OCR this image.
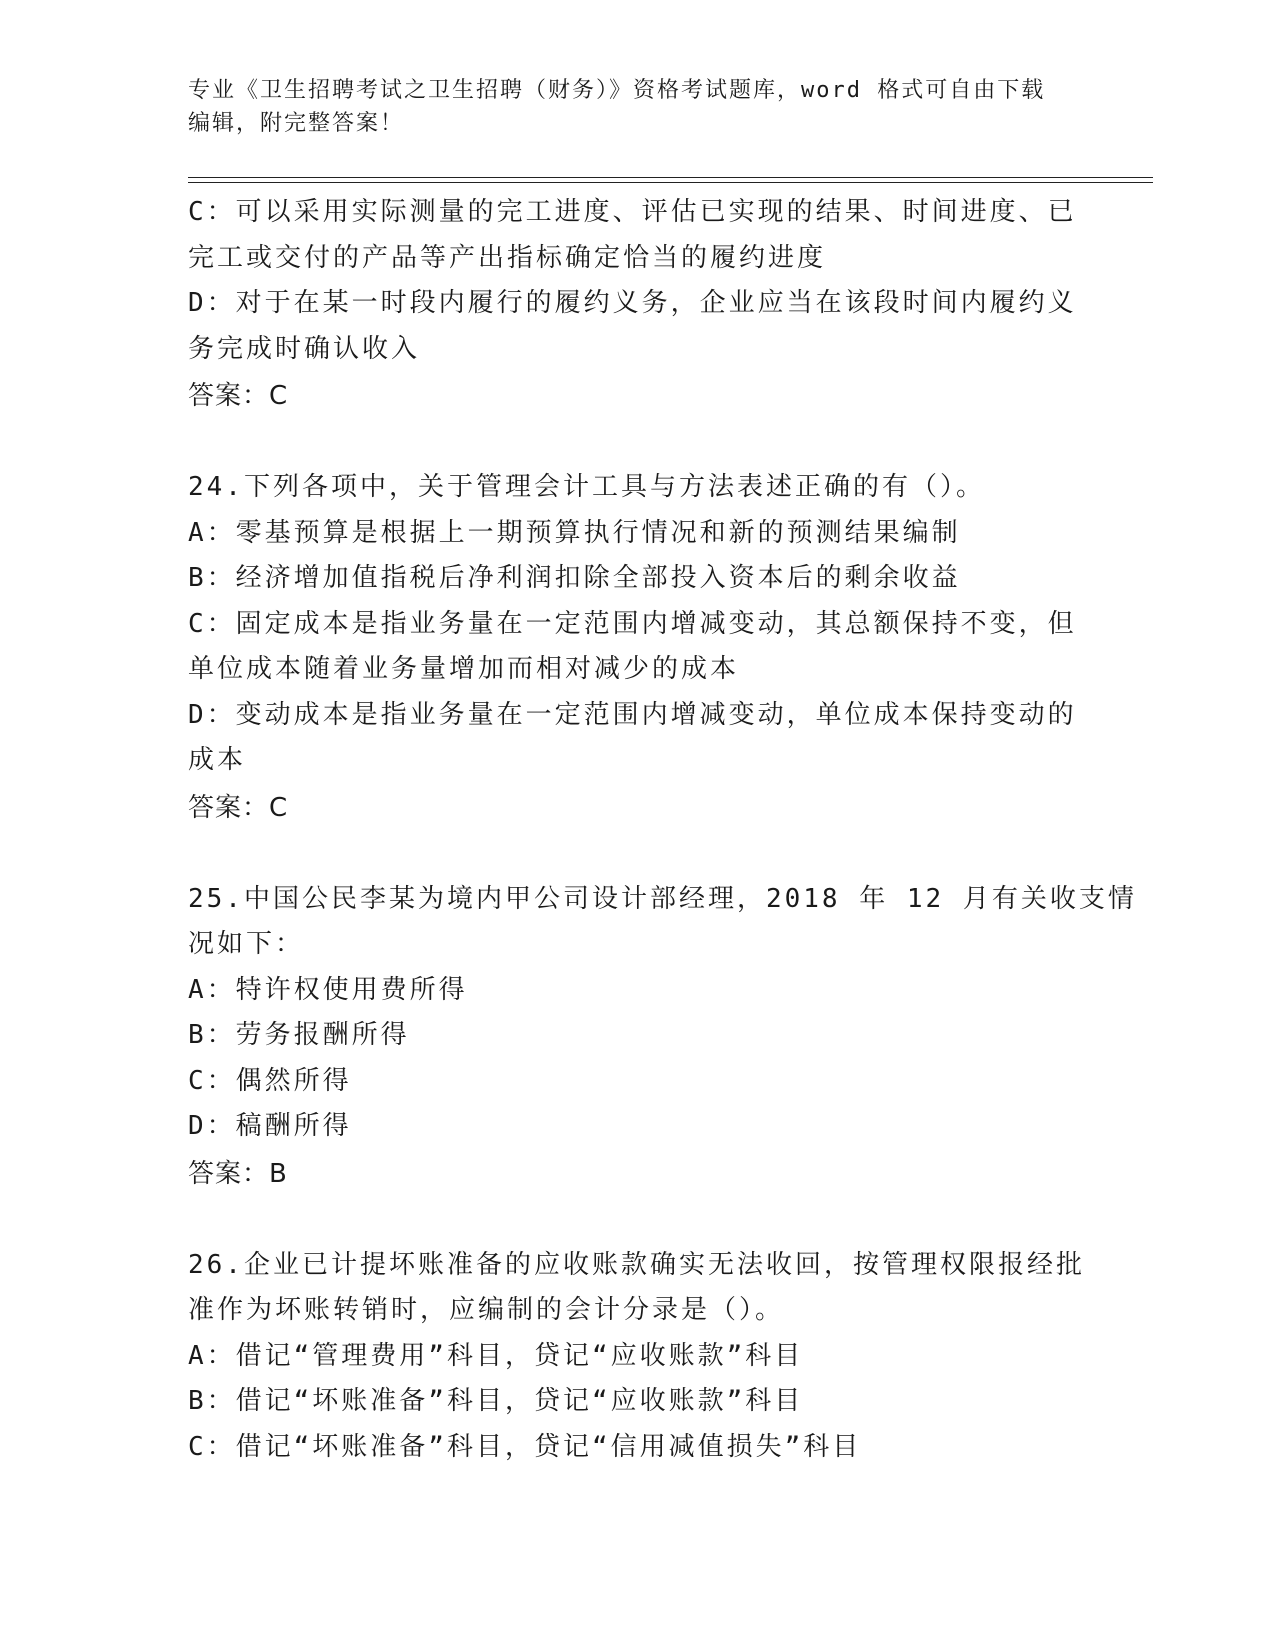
专业《卫生招聘考试之卫生招聘（财务）》资格考试题库，word 格式可自由下载
编辑，附完整答案！
C：可以采用实际测量的完工进度、评估已实现的结果、时间进度、已
完工或交付的产品等产出指标确定恰当的履约进度
D：对于在某一时段内履行的履约义务，企业应当在该段时间内履约义
务完成时确认收入
答案：C
24.下列各项中，关于管理会计工具与方法表述正确的有（）。
A：零基预算是根据上一期预算执行情况和新的预测结果编制
B：经济增加值指税后净利润扣除全部投入资本后的剩余收益
C：固定成本是指业务量在一定范围内增减变动，其总额保持不变，但
单位成本随着业务量增加而相对减少的成本
D：变动成本是指业务量在一定范围内增减变动，单位成本保持变动的
成本
答案：C
25.中国公民李某为境内甲公司设计部经理，2018 年 12 月有关收支情
况如下：
A：特许权使用费所得
B：劳务报酬所得
C：偶然所得
D：稿酬所得
答案：B
26.企业已计提坏账准备的应收账款确实无法收回，按管理权限报经批
准作为坏账转销时，应编制的会计分录是（）。
A：借记“管理费用”科目，贷记“应收账款”科目
B：借记“坏账准备”科目，贷记“应收账款”科目
C：借记“坏账准备”科目，贷记“信用减值损失”科目
